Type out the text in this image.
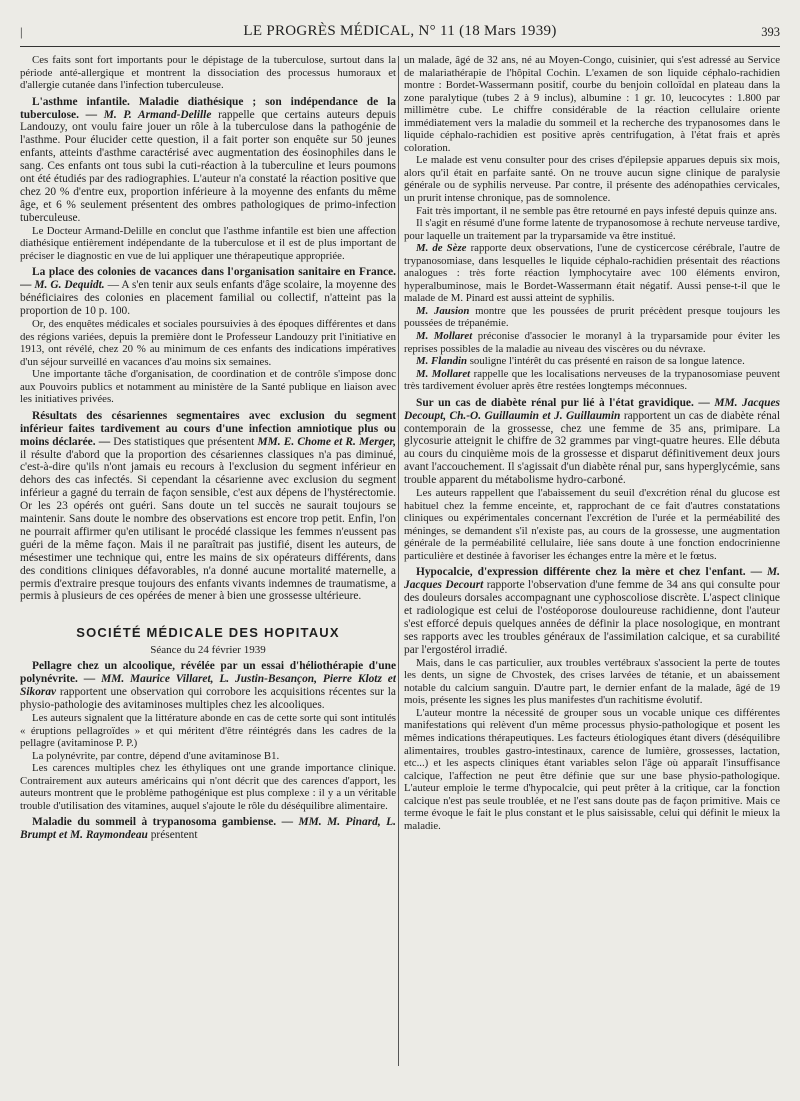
|	LE PROGRÈS MÉDICAL, N° 11 (18 Mars 1939)	393

Ces faits sont fort importants pour le dépistage de la tuberculose, surtout dans la période anté-allergique et montrent la dissociation des processus humoraux et d'allergie cutanée dans l'infection tuberculeuse.

L'asthme infantile. Maladie diathésique ; son indépendance de la tuberculose. — M. P. Armand-Delille rappelle que certains auteurs depuis Landouzy, ont voulu faire jouer un rôle à la tuberculose dans la pathogénie de l'asthme. Pour élucider cette question, il a fait porter son enquête sur 50 jeunes enfants, atteints d'asthme caractérisé avec augmentation des éosinophiles dans le sang. Ces enfants ont tous subi la cuti-réaction à la tuberculine et leurs poumons ont été étudiés par des radiographies. L'auteur n'a constaté la réaction positive que chez 20 % d'entre eux, proportion inférieure à la moyenne des enfants du même âge, et 6 % seulement présentent des ombres pathologiques de primo-infection tuberculeuse.

Le Docteur Armand-Delille en conclut que l'asthme infantile est bien une affection diathésique entièrement indépendante de la tuberculose et il est de plus important de préciser le diagnostic en vue de lui appliquer une thérapeutique appropriée.

La place des colonies de vacances dans l'organisation sanitaire en France. — M. G. Dequidt. — A s'en tenir aux seuls enfants d'âge scolaire, la moyenne des bénéficiaires des colonies en placement familial ou collectif, n'atteint pas la proportion de 10 p. 100.

Or, des enquêtes médicales et sociales poursuivies à des époques différentes et dans des régions variées, depuis la première dont le Professeur Landouzy prit l'initiative en 1913, ont révélé, chez 20 % au minimum de ces enfants des indications impératives d'un séjour surveillé en vacances d'au moins six semaines.

Une importante tâche d'organisation, de coordination et de contrôle s'impose donc aux Pouvoirs publics et notamment au ministère de la Santé publique en liaison avec les initiatives privées.

Résultats des césariennes segmentaires avec exclusion du segment inférieur faites tardivement au cours d'une infection amniotique plus ou moins déclarée. — Des statistiques que présentent MM. E. Chome et R. Merger, il résulte d'abord que la proportion des césariennes classiques n'a pas diminué, c'est-à-dire qu'ils n'ont jamais eu recours à l'exclusion du segment inférieur en dehors des cas infectés. Si cependant la césarienne avec exclusion du segment inférieur a gagné du terrain de façon sensible, c'est aux dépens de l'hystérectomie. Or les 23 opérés ont guéri. Sans doute un tel succès ne saurait toujours se maintenir. Sans doute le nombre des observations est encore trop petit. Enfin, l'on ne pourrait affirmer qu'en utilisant le procédé classique les femmes n'eussent pas guéri de la même façon. Mais il ne paraîtrait pas justifié, disent les auteurs, de mésestimer une technique qui, entre les mains de six opérateurs différents, dans des conditions cliniques défavorables, n'a donné aucune mortalité maternelle, a permis d'extraire presque toujours des enfants vivants indemnes de traumatisme, a permis à plusieurs de ces opérées de mener à bien une grossesse ultérieure.
SOCIÉTÉ MÉDICALE DES HOPITAUX
Séance du 24 février 1939
Pellagre chez un alcoolique, révélée par un essai d'héliothérapie d'une polynévrite. — MM. Maurice Villaret, L. Justin-Besançon, Pierre Klotz et Sikorav rapportent une observation qui corrobore les acquisitions récentes sur la physio-pathologie des avitaminoses multiples chez les alcooliques.

Les auteurs signalent que la littérature abonde en cas de cette sorte qui sont intitulés « éruptions pellagroïdes » et qui méritent d'être réintégrés dans les cadres de la pellagre (avitaminose P. P.)

La polynévrite, par contre, dépend d'une avitaminose B1.

Les carences multiples chez les éthyliques ont une grande importance clinique. Contrairement aux auteurs américains qui n'ont décrit que des carences d'apport, les auteurs montrent que le problème pathogénique est plus complexe : il y a un véritable trouble d'utilisation des vitamines, auquel s'ajoute le rôle du déséquilibre alimentaire.

Maladie du sommeil à trypanosoma gambiense. — MM. M. Pinard, L. Brumpt et M. Raymondeau présentent

un malade, âgé de 32 ans, né au Moyen-Congo, cuisinier, qui s'est adressé au Service de malariathérapie de l'hôpital Cochin. L'examen de son liquide céphalo-rachidien montre : Bordet-Wassermann positif, courbe du benjoin colloïdal en plateau dans la zone paralytique (tubes 2 à 9 inclus), albumine : 1 gr. 10, leucocytes : 1.800 par millimètre cube. Le chiffre considérable de la réaction cellulaire oriente immédiatement vers la maladie du sommeil et la recherche des trypanosomes dans le liquide céphalo-rachidien est positive après centrifugation, à l'état frais et après coloration.

Le malade est venu consulter pour des crises d'épilepsie apparues depuis six mois, alors qu'il était en parfaite santé. On ne trouve aucun signe clinique de paralysie générale ou de syphilis nerveuse. Par contre, il présente des adénopathies cervicales, un prurit intense chronique, pas de somnolence.

Fait très important, il ne semble pas être retourné en pays infesté depuis quinze ans.

Il s'agit en résumé d'une forme latente de trypanosomose à rechute nerveuse tardive, pour laquelle un traitement par la tryparsamide va être institué.

M. de Sèze rapporte deux observations, l'une de cysticercose cérébrale, l'autre de trypanosomiase, dans lesquelles le liquide céphalo-rachidien présentait des réactions analogues : très forte réaction lymphocytaire avec 100 éléments environ, hyperalbuminose, mais le Bordet-Wassermann était négatif. Aussi pense-t-il que le malade de M. Pinard est aussi atteint de syphilis.

M. Jausion montre que les poussées de prurit précèdent presque toujours les poussées de trépanémie.

M. Mollaret préconise d'associer le moranyl à la tryparsamide pour éviter les reprises possibles de la maladie au niveau des viscères ou du névraxe.

M. Flandin souligne l'intérêt du cas présenté en raison de sa longue latence.

M. Mollaret rappelle que les localisations nerveuses de la trypanosomiase peuvent très tardivement évoluer après être restées longtemps méconnues.

Sur un cas de diabète rénal pur lié à l'état gravidique. — MM. Jacques Decoupt, Ch.-O. Guillaumin et J. Guillaumin rapportent un cas de diabète rénal contemporain de la grossesse, chez une femme de 35 ans, primipare. La glycosurie atteignit le chiffre de 32 grammes par vingt-quatre heures. Elle débuta au cours du cinquième mois de la grossesse et disparut définitivement deux jours avant l'accouchement. Il s'agissait d'un diabète rénal pur, sans hyperglycémie, sans trouble apparent du métabolisme hydro-carboné.

Les auteurs rappellent que l'abaissement du seuil d'excrétion rénal du glucose est habituel chez la femme enceinte, et, rapprochant de ce fait d'autres constatations cliniques ou expérimentales concernant l'excrétion de l'urée et la perméabilité des méninges, se demandent s'il n'existe pas, au cours de la grossesse, une augmentation générale de la perméabilité cellulaire, liée sans doute à une fonction endocrinienne particulière et destinée à favoriser les échanges entre la mère et le fœtus.

Hypocalcie, d'expression différente chez la mère et chez l'enfant. — M. Jacques Decourt rapporte l'observation d'une femme de 34 ans qui consulte pour des douleurs dorsales accompagnant une cyphoscoliose discrète. L'aspect clinique et radiologique est celui de l'ostéoporose douloureuse rachidienne, dont l'auteur s'est efforcé depuis quelques années de définir la place nosologique, en montrant ses rapports avec les troubles généraux de l'assimilation calcique, et sa curabilité par l'ergostérol irradié.

Mais, dans le cas particulier, aux troubles vertébraux s'associent la perte de toutes les dents, un signe de Chvostek, des crises larvées de tétanie, et un abaissement notable du calcium sanguin. D'autre part, le dernier enfant de la malade, âgé de 19 mois, présente les signes les plus manifestes d'un rachitisme évolutif.

L'auteur montre la nécessité de grouper sous un vocable unique ces différentes manifestations qui relèvent d'un même processus physio-pathologique et posent les mêmes indications thérapeutiques. Les facteurs étiologiques étant divers (déséquilibre alimentaires, troubles gastro-intestinaux, carence de lumière, grossesses, lactation, etc...) et les aspects cliniques étant variables selon l'âge où apparaît l'insuffisance calcique, l'affection ne peut être définie que sur une base physio-pathologique. L'auteur emploie le terme d'hypocalcie, qui peut prêter à la critique, car la fonction calcique n'est pas seule troublée, et ne l'est sans doute pas de façon primitive. Mais ce terme évoque le fait le plus constant et le plus saisissable, celui qui définit le mieux la maladie.
